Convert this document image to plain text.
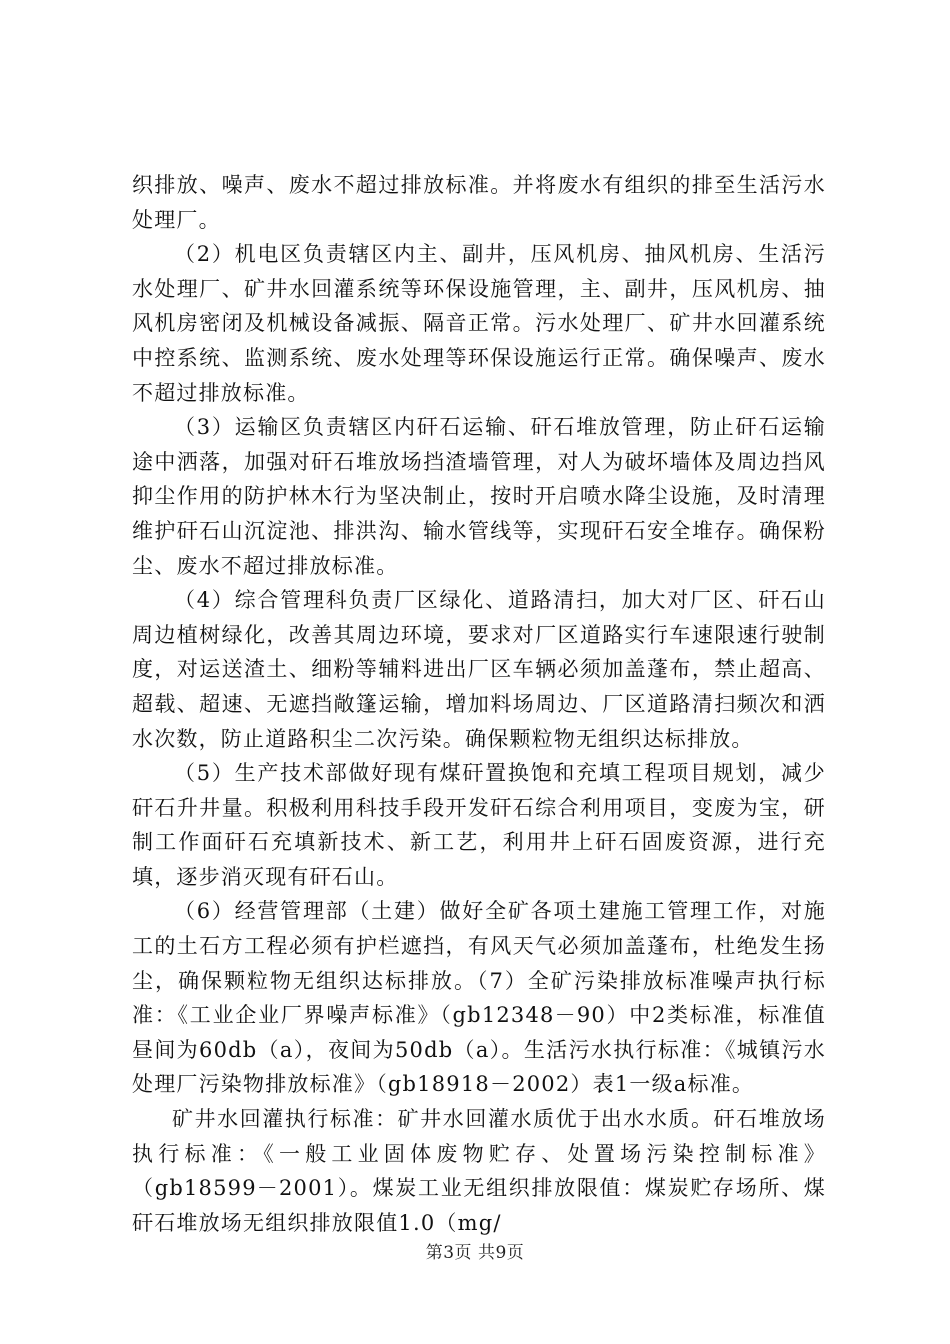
织排放、噪声、废水不超过排放标准。并将废水有组织的排至生活污水处理厂。

（2）机电区负责辖区内主、副井，压风机房、抽风机房、生活污水处理厂、矿井水回灌系统等环保设施管理，主、副井，压风机房、抽风机房密闭及机械设备减振、隔音正常。污水处理厂、矿井水回灌系统中控系统、监测系统、废水处理等环保设施运行正常。确保噪声、废水不超过排放标准。

（3）运输区负责辖区内矸石运输、矸石堆放管理，防止矸石运输途中洒落，加强对矸石堆放场挡渣墙管理，对人为破坏墙体及周边挡风抑尘作用的防护林木行为坚决制止，按时开启喷水降尘设施，及时清理维护矸石山沉淀池、排洪沟、输水管线等，实现矸石安全堆存。确保粉尘、废水不超过排放标准。

（4）综合管理科负责厂区绿化、道路清扫，加大对厂区、矸石山周边植树绿化，改善其周边环境，要求对厂区道路实行车速限速行驶制度，对运送渣土、细粉等辅料进出厂区车辆必须加盖蓬布，禁止超高、超载、超速、无遮挡敞篷运输，增加料场周边、厂区道路清扫频次和洒水次数，防止道路积尘二次污染。确保颗粒物无组织达标排放。

（5）生产技术部做好现有煤矸置换饱和充填工程项目规划，减少矸石升井量。积极利用科技手段开发矸石综合利用项目，变废为宝，研制工作面矸石充填新技术、新工艺，利用井上矸石固废资源，进行充填，逐步消灭现有矸石山。

（6）经营管理部（土建）做好全矿各项土建施工管理工作，对施工的土石方工程必须有护栏遮挡，有风天气必须加盖蓬布，杜绝发生扬尘，确保颗粒物无组织达标排放。（7）全矿污染排放标准噪声执行标准：《工业企业厂界噪声标准》（gb12348－90）中2类标准，标准值昼间为60db（a），夜间为50db（a）。生活污水执行标准：《城镇污水处理厂污染物排放标准》（gb18918－2002）表1一级a标准。

矿井水回灌执行标准：矿井水回灌水质优于出水水质。矸石堆放场执行标准：《一般工业固体废物贮存、处置场污染控制标准》（gb18599－2001）。煤炭工业无组织排放限值：煤炭贮存场所、煤矸石堆放场无组织排放限值1.0（mg/

第3页 共9页
